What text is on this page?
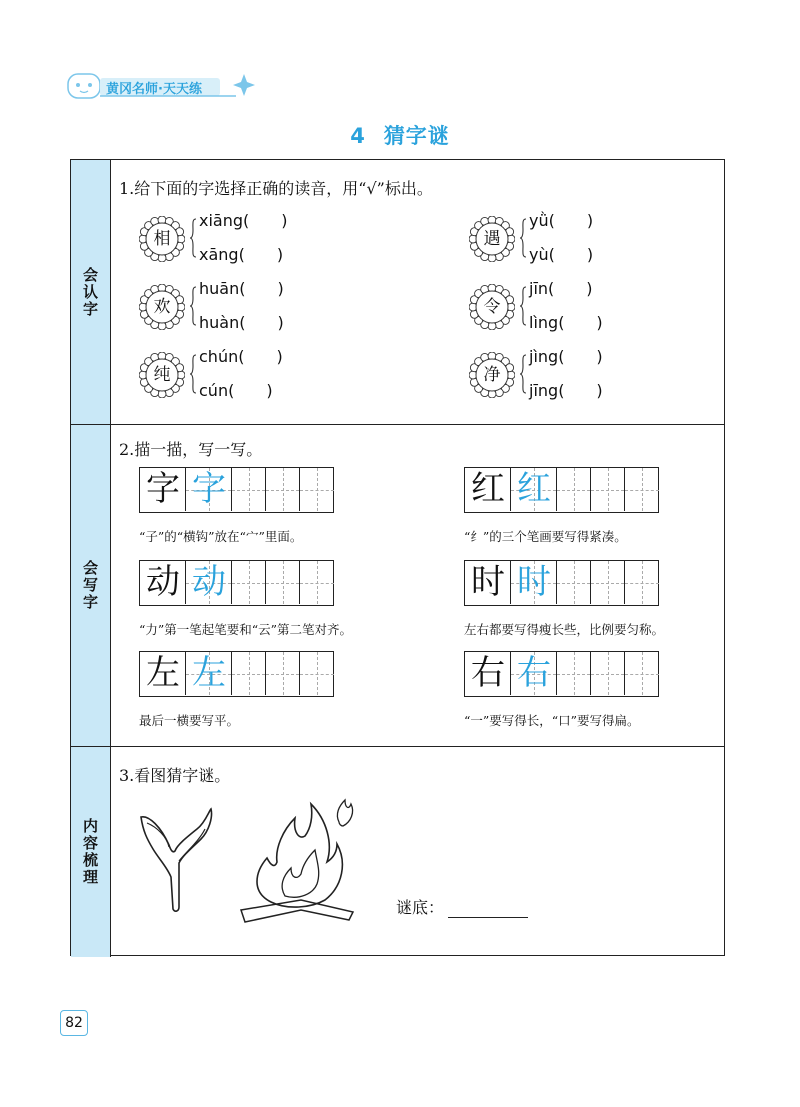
黄冈名师·天天练
4 猜字谜
会认字
1.给下面的字选择正确的读音，用“√”标出。
相
xiāng(　　)
xāng(　　)
欢
huān(　　)
huàn(　　)
纯
chún(　　)
cún(　　)
遇
yǜ(　　)
yù(　　)
令
jīn(　　)
lìng(　　)
净
jìng(　　)
jīng(　　)
会写字
2.描一描，写一写。
字 字
“子”的“横钩”放在“宀”里面。
红 红
“纟”的三个笔画要写得紧凑。
动 动
“力”第一笔起笔要和“云”第二笔对齐。
时 时
左右都要写得瘦长些，比例要匀称。
左 左
最后一横要写平。
右 右
“一”要写得长，“口”要写得扁。
内容梳理
3.看图猜字谜。
谜底：
82
